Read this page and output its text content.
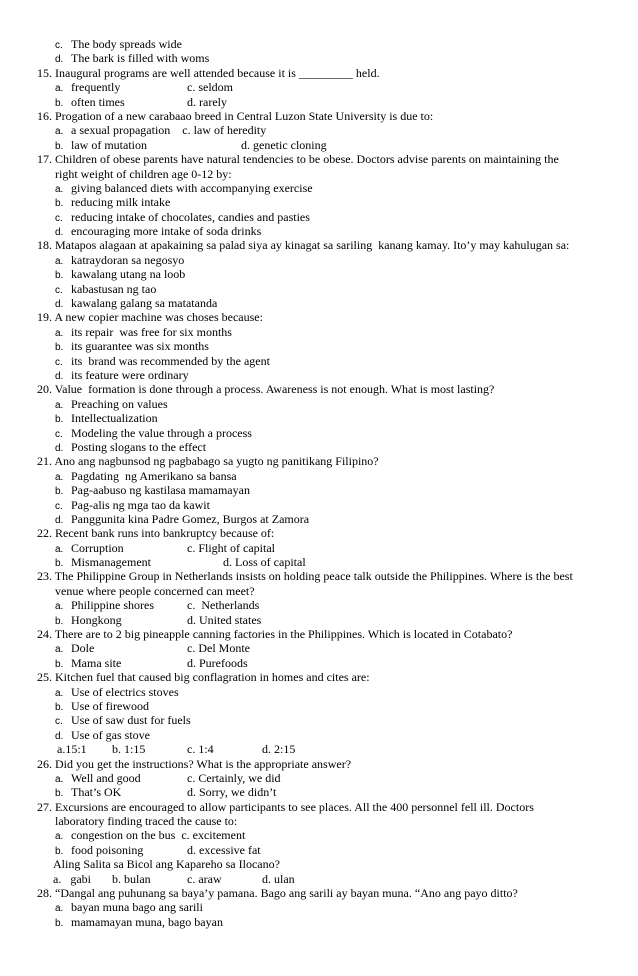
c. The body spreads wide
d. The bark is filled with woms
15. Inaugural programs are well attended because it is _________ held.
a. frequently	c. seldom
b. often times	d. rarely
16. Progation of a new carabaao breed in Central Luzon State University is due to:
a. a sexual propagation    c. law of heredity
b. law of mutation	d. genetic cloning
17. Children of obese parents have natural tendencies to be obese. Doctors advise parents on maintaining the
right weight of children age 0-12 by:
a. giving balanced diets with accompanying exercise
b. reducing milk intake
c. reducing intake of chocolates, candies and pasties
d. encouraging more intake of soda drinks
18. Matapos alagaan at apakaining sa palad siya ay kinagat sa sariling  kanang kamay. Ito’y may kahulugan sa:
a. katraydoran sa negosyo
b. kawalang utang na loob
c. kabastusan ng tao
d. kawalang galang sa matatanda
19. A new copier machine was choses because:
a. its repair  was free for six months
b. its guarantee was six months
c. its  brand was recommended by the agent
d. its feature were ordinary
20. Value  formation is done through a process. Awareness is not enough. What is most lasting?
a. Preaching on values
b. Intellectualization
c. Modeling the value through a process
d. Posting slogans to the effect
21. Ano ang nagbunsod ng pagbabago sa yugto ng panitikang Filipino?
a. Pagdating  ng Amerikano sa bansa
b. Pag-aabuso ng kastilasa mamamayan
c. Pag-alis ng mga tao da kawit
d. Panggunita kina Padre Gomez, Burgos at Zamora
22. Recent bank runs into bankruptcy because of:
a. Corruption	c. Flight of capital
b. Mismanagement	d. Loss of capital
23. The Philippine Group in Netherlands insists on holding peace talk outside the Philippines. Where is the best
venue where people concerned can meet?
a. Philippine shores	c.  Netherlands
b. Hongkong	d. United states
24. There are to 2 big pineapple canning factories in the Philippines. Which is located in Cotabato?
a. Dole	c. Del Monte
b. Mama site	d. Purefoods
25. Kitchen fuel that caused big conflagration in homes and cites are:
a. Use of electrics stoves
b. Use of firewood
c. Use of saw dust for fuels
d. Use of gas stove
a.15:1 b. 1:15	c. 1:4	d. 2:15
26. Did you get the instructions? What is the appropriate answer?
a. Well and good	c. Certainly, we did
b. That’s OK	d. Sorry, we didn’t
27. Excursions are encouraged to allow participants to see places. All the 400 personnel fell ill. Doctors
laboratory finding traced the cause to:
a. congestion on the bus  c. excitement
b. food poisoning	d. excessive fat
Aling Salita sa Bicol ang Kapareho sa Ilocano?
a.   gabi b. bulan	c. araw	d. ulan
28. “Dangal ang puhunang sa baya’y pamana. Bago ang sarili ay bayan muna. “Ano ang payo ditto?
a. bayan muna bago ang sarili
b. mamamayan muna, bago bayan
